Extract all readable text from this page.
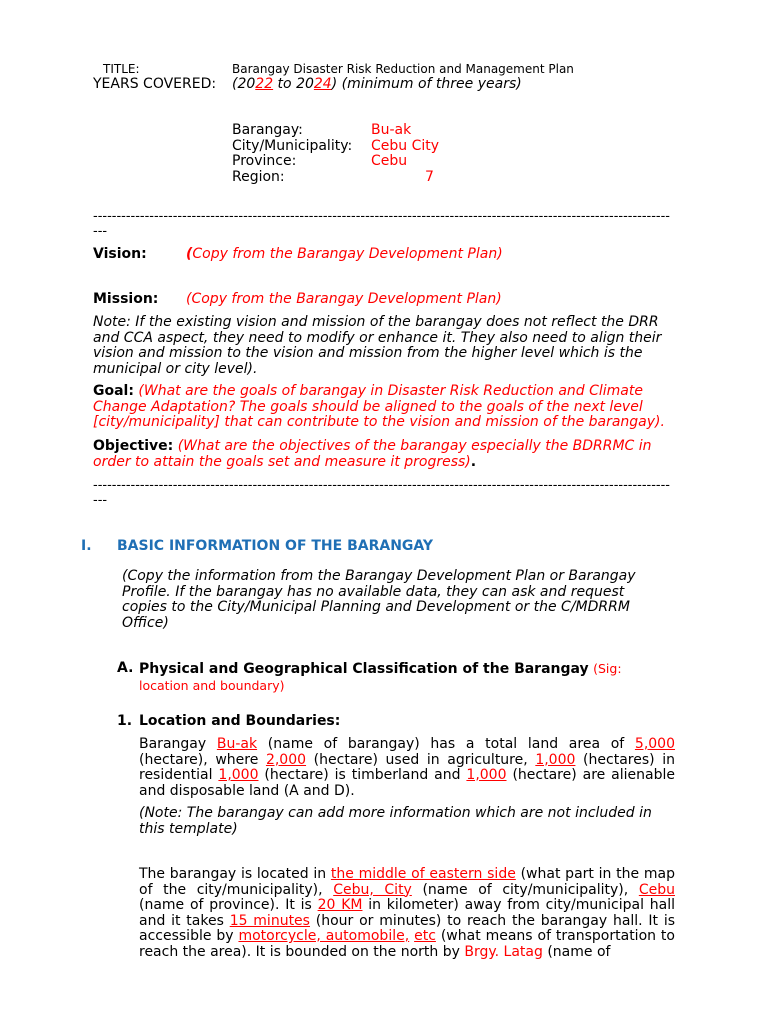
TITLE:	Barangay Disaster Risk Reduction and Management Plan
YEARS COVERED: (2022 to 2024) (minimum of three years)
Barangay:	Bu-ak
City/Municipality: Cebu City
Province:	Cebu
Region:	7
------------------------------------------------------------------------------------------------------------------------------
Vision:	(Copy from the Barangay Development Plan)
Mission: (Copy from the Barangay Development Plan)
Note: If the existing vision and mission of the barangay does not reflect the DRR and CCA aspect, they need to modify or enhance it. They also need to align their vision and mission to the vision and mission from the higher level which is the municipal or city level).
Goal: (What are the goals of barangay in Disaster Risk Reduction and Climate Change Adaptation? The goals should be aligned to the goals of the next level [city/municipality] that can contribute to the vision and mission of the barangay).
Objective: (What are the objectives of the barangay especially the BDRRMC in order to attain the goals set and measure it progress).
------------------------------------------------------------------------------------------------------------------------------
I. BASIC INFORMATION OF THE BARANGAY
(Copy the information from the Barangay Development Plan or Barangay Profile. If the barangay has no available data, they can ask and request copies to the City/Municipal Planning and Development or the C/MDRRM Office)
A. Physical and Geographical Classification of the Barangay (Sig: location and boundary)
1. Location and Boundaries:
Barangay Bu-ak (name of barangay) has a total land area of 5,000 (hectare), where 2,000 (hectare) used in agriculture, 1,000 (hectares) in residential 1,000 (hectare) is timberland and 1,000 (hectare) are alienable and disposable land (A and D).
(Note: The barangay can add more information which are not included in this template)
The barangay is located in the middle of eastern side (what part in the map of the city/municipality), Cebu, City (name of city/municipality), Cebu (name of province). It is 20 KM in kilometer) away from city/municipal hall and it takes 15 minutes (hour or minutes) to reach the barangay hall. It is accessible by motorcycle, automobile, etc (what means of transportation to reach the area). It is bounded on the north by Brgy. Latag (name of
